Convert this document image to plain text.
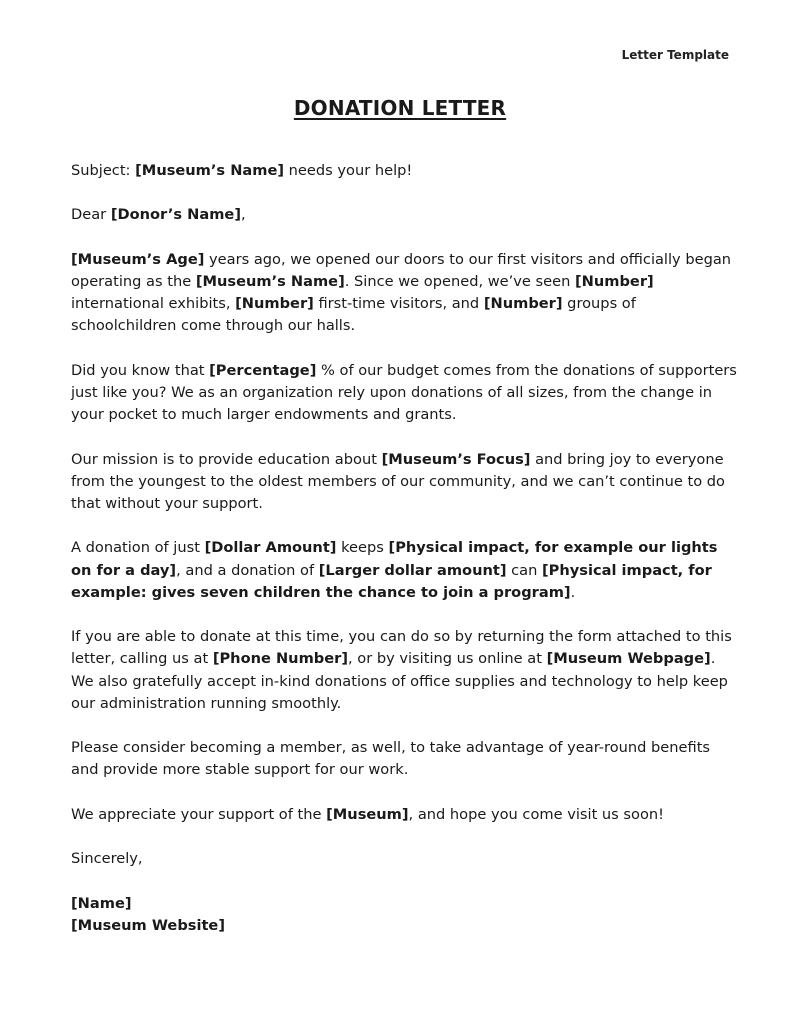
Letter Template
DONATION LETTER

Subject: [Museum’s Name] needs your help!

Dear [Donor’s Name],

[Museum’s Age] years ago, we opened our doors to our first visitors and officially began operating as the [Museum’s Name]. Since we opened, we’ve seen [Number] international exhibits, [Number] first-time visitors, and [Number] groups of schoolchildren come through our halls.

Did you know that [Percentage] % of our budget comes from the donations of supporters just like you? We as an organization rely upon donations of all sizes, from the change in your pocket to much larger endowments and grants.

Our mission is to provide education about [Museum’s Focus] and bring joy to everyone from the youngest to the oldest members of our community, and we can’t continue to do that without your support.

A donation of just [Dollar Amount] keeps [Physical impact, for example our lights on for a day], and a donation of [Larger dollar amount] can [Physical impact, for example: gives seven children the chance to join a program].

If you are able to donate at this time, you can do so by returning the form attached to this letter, calling us at [Phone Number], or by visiting us online at [Museum Webpage]. We also gratefully accept in-kind donations of office supplies and technology to help keep our administration running smoothly.

Please consider becoming a member, as well, to take advantage of year-round benefits and provide more stable support for our work.

We appreciate your support of the [Museum], and hope you come visit us soon!

Sincerely,

[Name]
[Museum Website]
